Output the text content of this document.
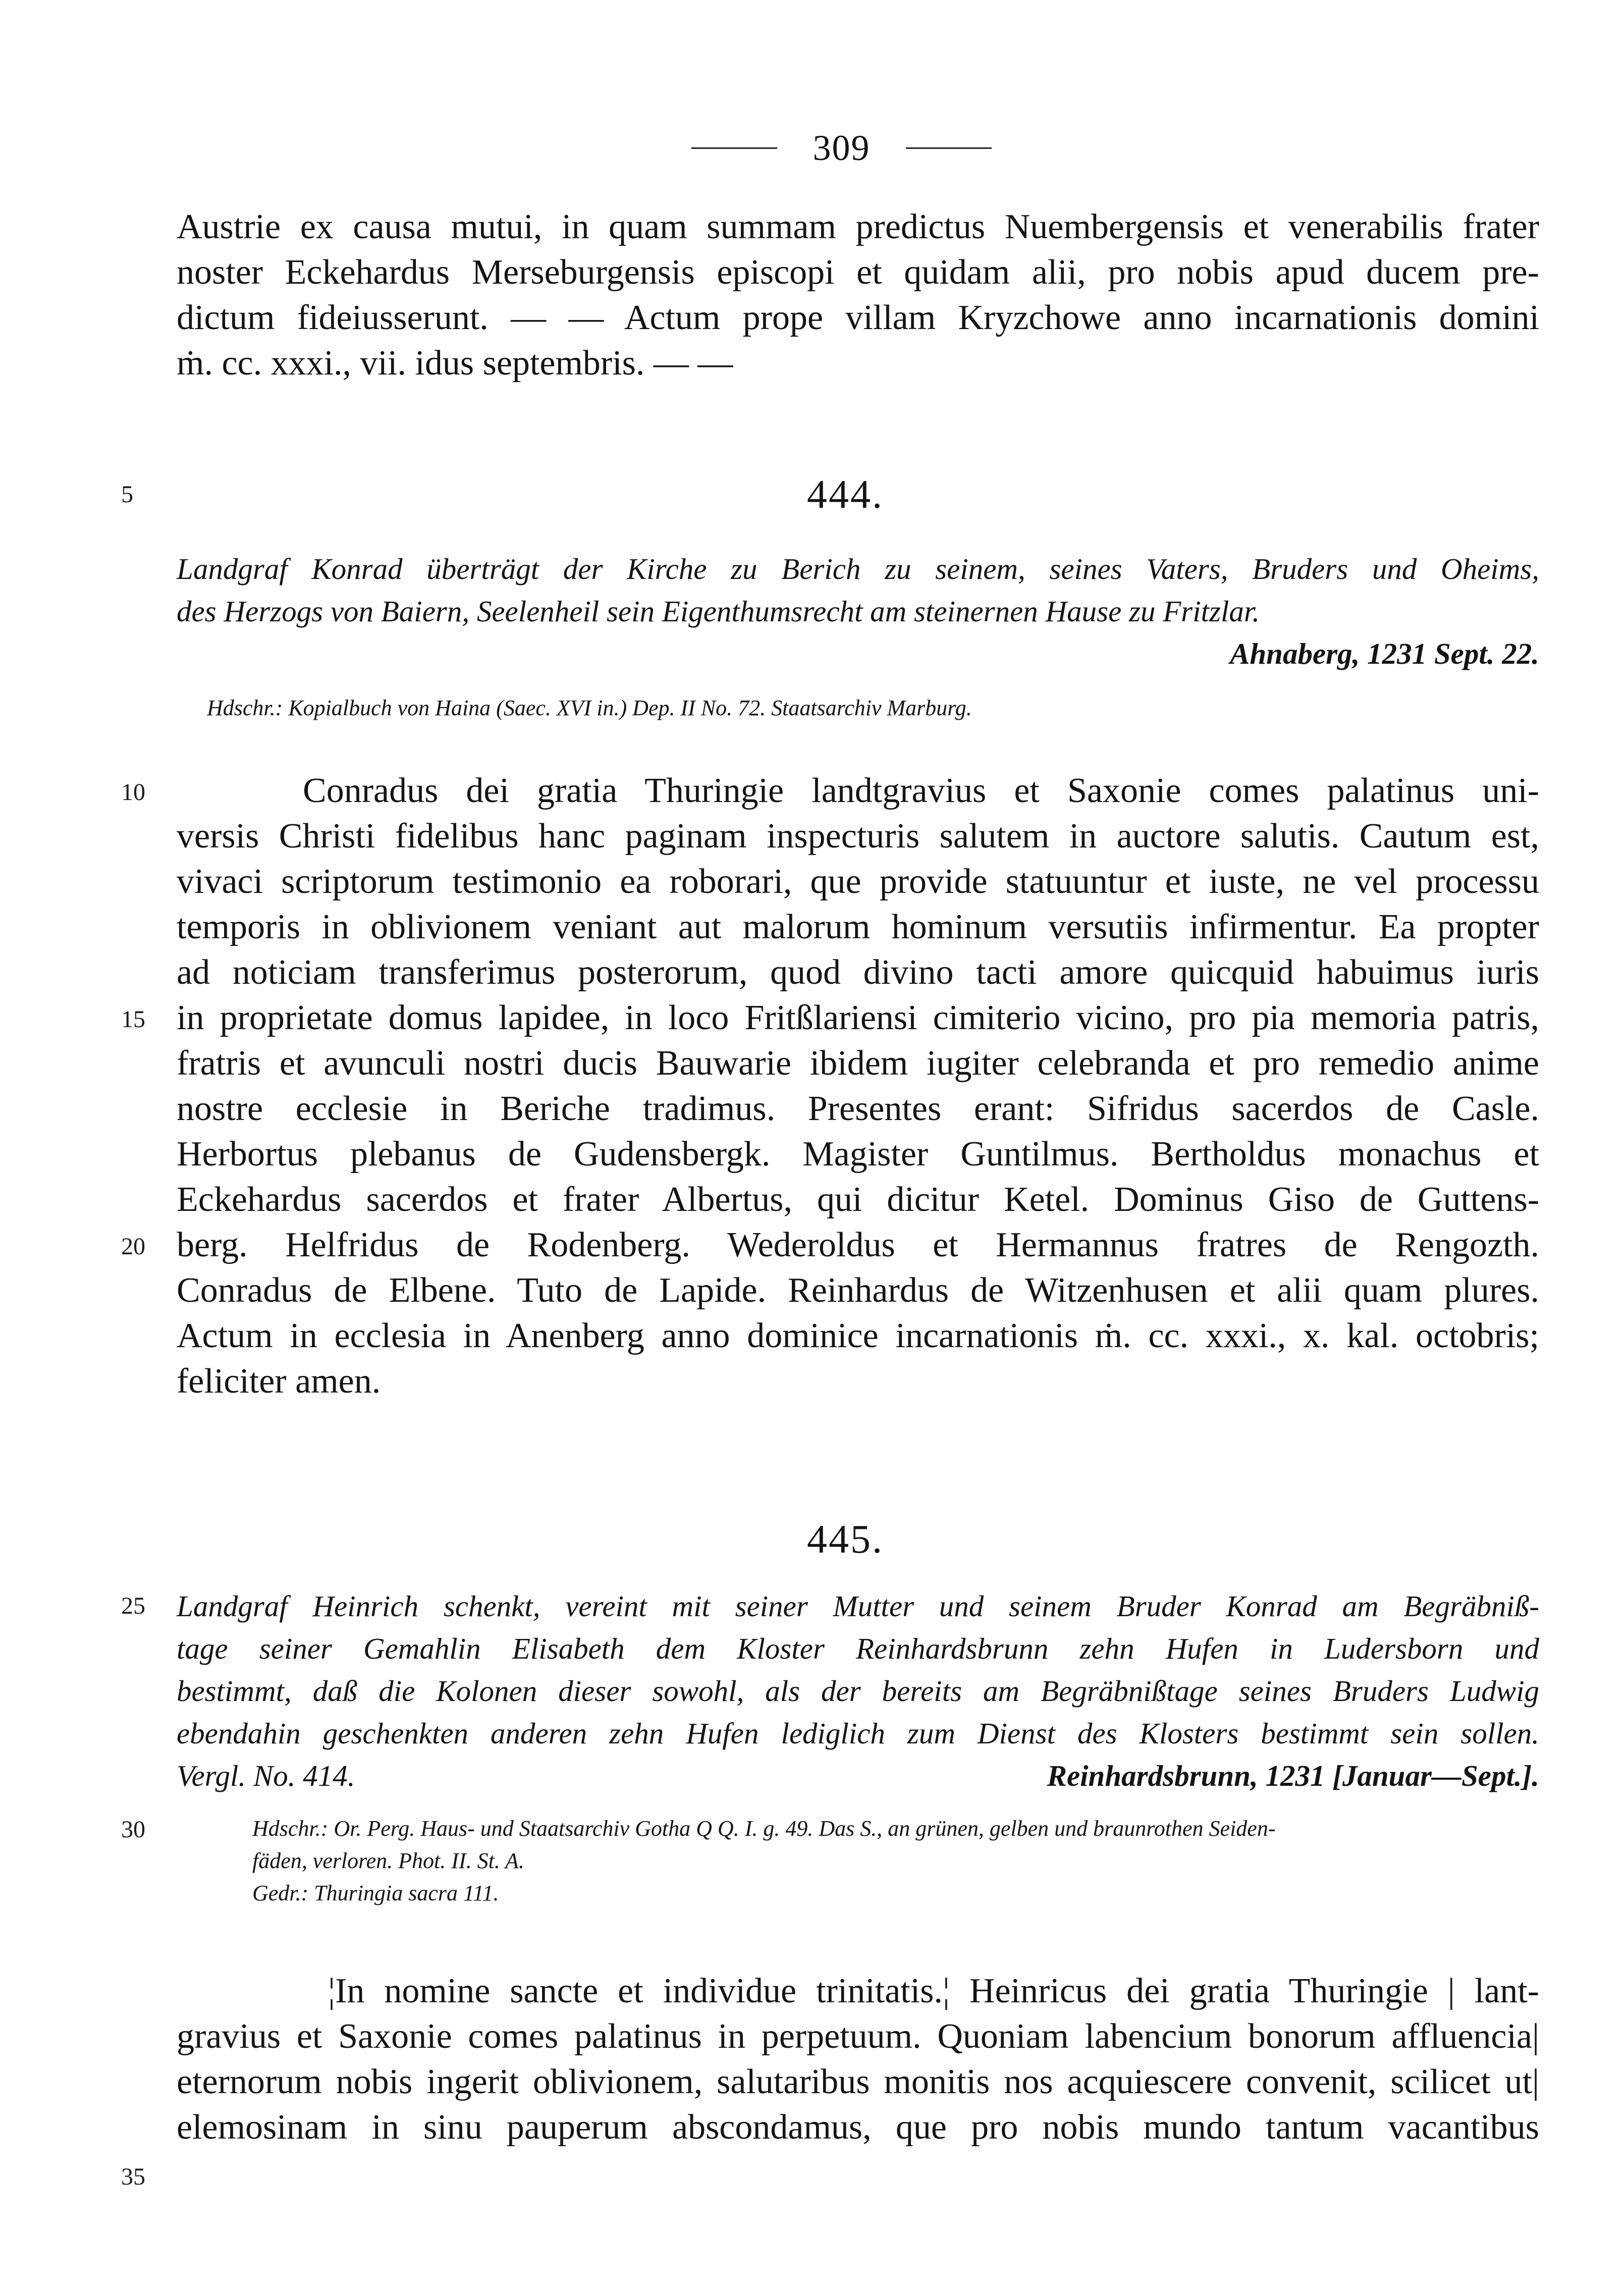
309
Austrie ex causa mutui, in quam summam predictus Nuembergensis et venerabilis frater
noster Eckehardus Merseburgensis episcopi et quidam alii, pro nobis apud ducem pre-
dictum fideiusserunt. — — Actum prope villam Kryzchowe anno incarnationis domini
ṁ. cc. xxxi., vii. idus septembris. — —
5	444.
Landgraf Konrad überträgt der Kirche zu Berich zu seinem, seines Vaters, Bruders und Oheims,
des Herzogs von Baiern, Seelenheil sein Eigenthumsrecht am steinernen Hause zu Fritzlar.
Ahnaberg, 1231 Sept. 22.
Hdschr.: Kopialbuch von Haina (Saec. XVI in.) Dep. II No. 72. Staatsarchiv Marburg.
10
15
20
Conradus dei gratia Thuringie landtgravius et Saxonie comes palatinus uni-
versis Christi fidelibus hanc paginam inspecturis salutem in auctore salutis. Cautum est,
vivaci scriptorum testimonio ea roborari, que provide statuuntur et iuste, ne vel processu
temporis in oblivionem veniant aut malorum hominum versutiis infirmentur. Ea propter
ad noticiam transferimus posterorum, quod divino tacti amore quicquid habuimus iuris
in proprietate domus lapidee, in loco Fritßlariensi cimiterio vicino, pro pia memoria patris,
fratris et avunculi nostri ducis Bauwarie ibidem iugiter celebranda et pro remedio anime
nostre ecclesie in Beriche tradimus. Presentes erant: Sifridus sacerdos de Casle.
Herbortus plebanus de Gudensbergk. Magister Guntilmus. Bertholdus monachus et
Eckehardus sacerdos et frater Albertus, qui dicitur Ketel. Dominus Giso de Guttens-
berg. Helfridus de Rodenberg. Wederoldus et Hermannus fratres de Rengozth.
Conradus de Elbene. Tuto de Lapide. Reinhardus de Witzenhusen et alii quam plures.
Actum in ecclesia in Anenberg anno dominice incarnationis ṁ. cc. xxxi., x. kal. octobris;
feliciter amen.
445.
25	Landgraf Heinrich schenkt, vereint mit seiner Mutter und seinem Bruder Konrad am Begräbniß-
tage seiner Gemahlin Elisabeth dem Kloster Reinhardsbrunn zehn Hufen in Ludersborn und
bestimmt, daß die Kolonen dieser sowohl, als der bereits am Begräbnißtage seines Bruders Ludwig
ebendahin geschenkten anderen zehn Hufen lediglich zum Dienst des Klosters bestimmt sein sollen.
Vergl. No. 414.	Reinhardsbrunn, 1231 [Januar—Sept.].
30	Hdschr.: Or. Perg. Haus- und Staatsarchiv Gotha Q Q. I. g. 49. Das S., an grünen, gelben und braunrothen Seiden-
fäden, verloren. Phot. II. St. A.
Gedr.: Thuringia sacra 111.
35
¦In nomine sancte et individue trinitatis.¦ Heinricus dei gratia Thuringie | lant-
gravius et Saxonie comes palatinus in perpetuum. Quoniam labencium bonorum affluencia|
eternorum nobis ingerit oblivionem, salutaribus monitis nos acquiescere convenit, scilicet ut|
elemosinam in sinu pauperum abscondamus, que pro nobis mundo tantum vacantibus
